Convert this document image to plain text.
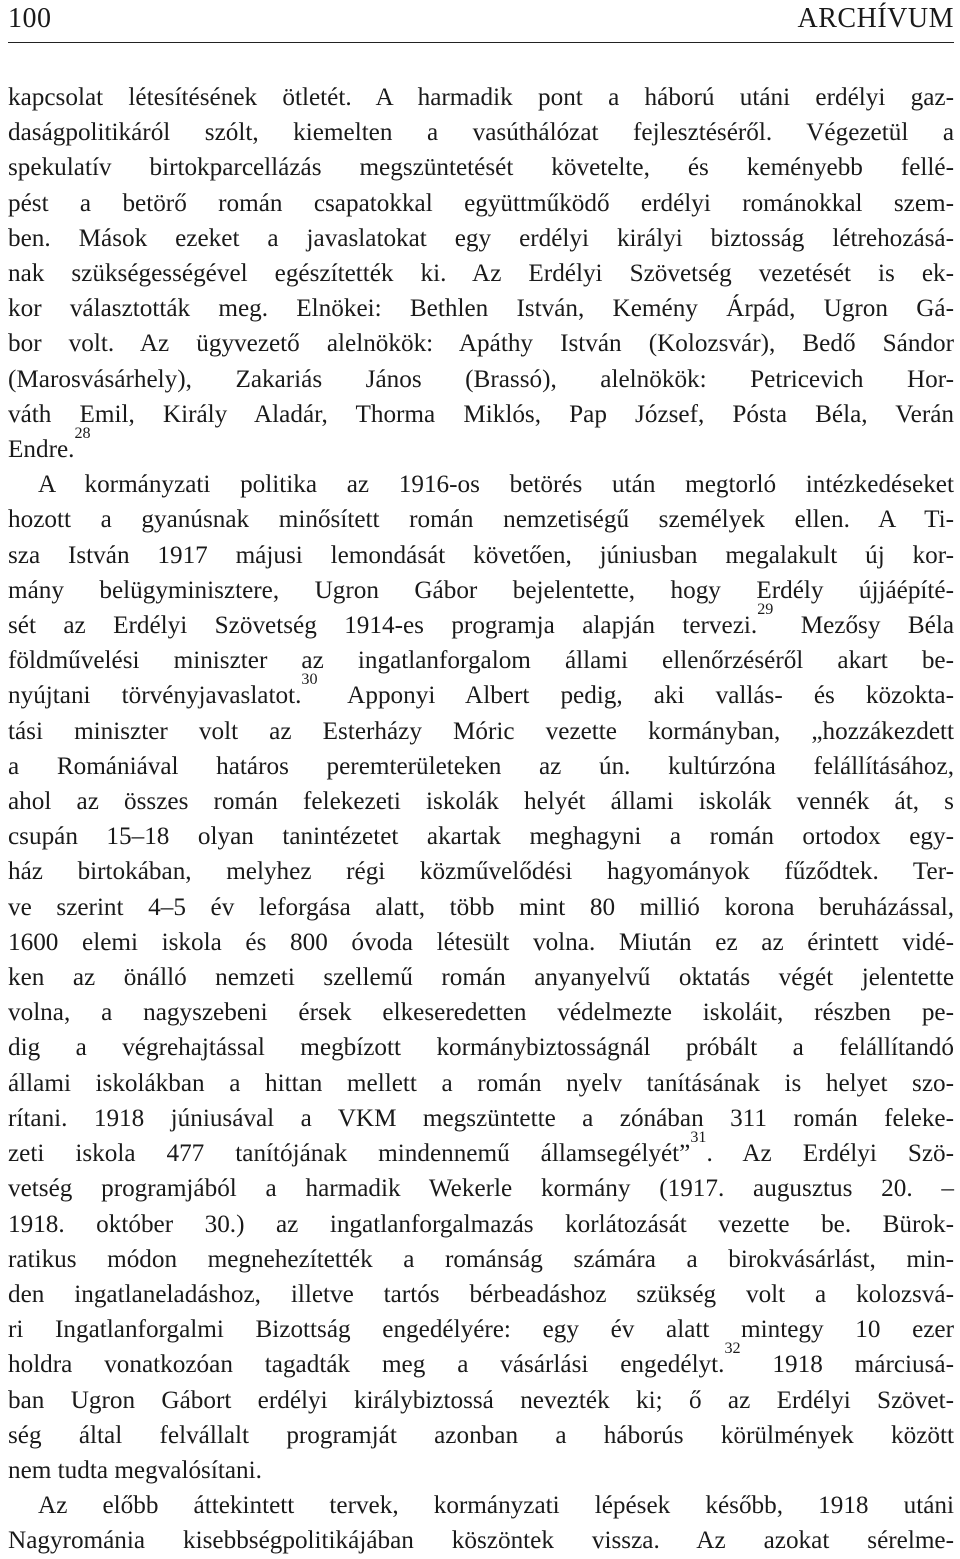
100	ARCHÍVUM
kapcsolat létesítésének ötletét. A harmadik pont a háború utáni erdélyi gaz-
daságpolitikáról szólt, kiemelten a vasúthálózat fejlesztéséről. Végezetül a
spekulatív birtokparcellázás megszüntetését követelte, és keményebb fellé-
pést a betörő román csapatokkal együttműködő erdélyi románokkal szem-
ben. Mások ezeket a javaslatokat egy erdélyi királyi biztosság létrehozásá-
nak szükségességével egészítették ki. Az Erdélyi Szövetség vezetését is ek-
kor választották meg. Elnökei: Bethlen István, Kemény Árpád, Ugron Gá-
bor volt. Az ügyvezető alelnökök: Apáthy István (Kolozsvár), Bedő Sándor
(Marosvásárhely), Zakariás János (Brassó), alelnökök: Petricevich Hor-
váth Emil, Király Aladár, Thorma Miklós, Pap József, Pósta Béla, Verán
Endre.$^{28}$
A kormányzati politika az 1916-os betörés után megtorló intézkedéseket
hozott a gyanúsnak minősített román nemzetiségű személyek ellen. A Ti-
sza István 1917 májusi lemondását követően, júniusban megalakult új kor-
mány belügyminisztere, Ugron Gábor bejelentette, hogy Erdély újjáépíté-
sét az Erdélyi Szövetség 1914-es programja alapján tervezi.$^{29}$ Mezősy Béla
földművelési miniszter az ingatlanforgalom állami ellenőrzéséről akart be-
nyújtani törvényjavaslatot.$^{30}$ Apponyi Albert pedig, aki vallás- és közokta-
tási miniszter volt az Esterházy Móric vezette kormányban, „hozzákezdett
a Romániával határos peremterületeken az ún. kultúrzóna felállításához,
ahol az összes román felekezeti iskolák helyét állami iskolák vennék át, s
csupán 15–18 olyan tanintézetet akartak meghagyni a román ortodox egy-
ház birtokában, melyhez régi közművelődési hagyományok fűződtek. Ter-
ve szerint 4–5 év leforgása alatt, több mint 80 millió korona beruházással,
1600 elemi iskola és 800 óvoda létesült volna. Miután ez az érintett vidé-
ken az önálló nemzeti szellemű román anyanyelvű oktatás végét jelentette
volna, a nagyszebeni érsek elkeseredetten védelmezte iskoláit, részben pe-
dig a végrehajtással megbízott kormánybiztosságnál próbált a felállítandó
állami iskolákban a hittan mellett a román nyelv tanításának is helyet szo-
rítani. 1918 júniusával a VKM megszüntette a zónában 311 román feleke-
zeti iskola 477 tanítójának mindennemű államsegélyét”$^{31}$. Az Erdélyi Szö-
vetség programjából a harmadik Wekerle kormány (1917. augusztus 20. –
1918. október 30.) az ingatlanforgalmazás korlátozását vezette be. Bürok-
ratikus módon megnehezítették a románság számára a birokvásárlást, min-
den ingatlaneladáshoz, illetve tartós bérbeadáshoz szükség volt a kolozsvá-
ri Ingatlanforgalmi Bizottság engedélyére: egy év alatt mintegy 10 ezer
holdra vonatkozóan tagadták meg a vásárlási engedélyt.$^{32}$ 1918 márciusá-
ban Ugron Gábort erdélyi királybiztossá nevezték ki; ő az Erdélyi Szövet-
ség által felvállalt programját azonban a háborús körülmények között
nem tudta megvalósítani.
Az előbb áttekintett tervek, kormányzati lépések később, 1918 utáni
Nagyrománia kisebbségpolitikájában köszöntek vissza. Az azokat sérelme-
